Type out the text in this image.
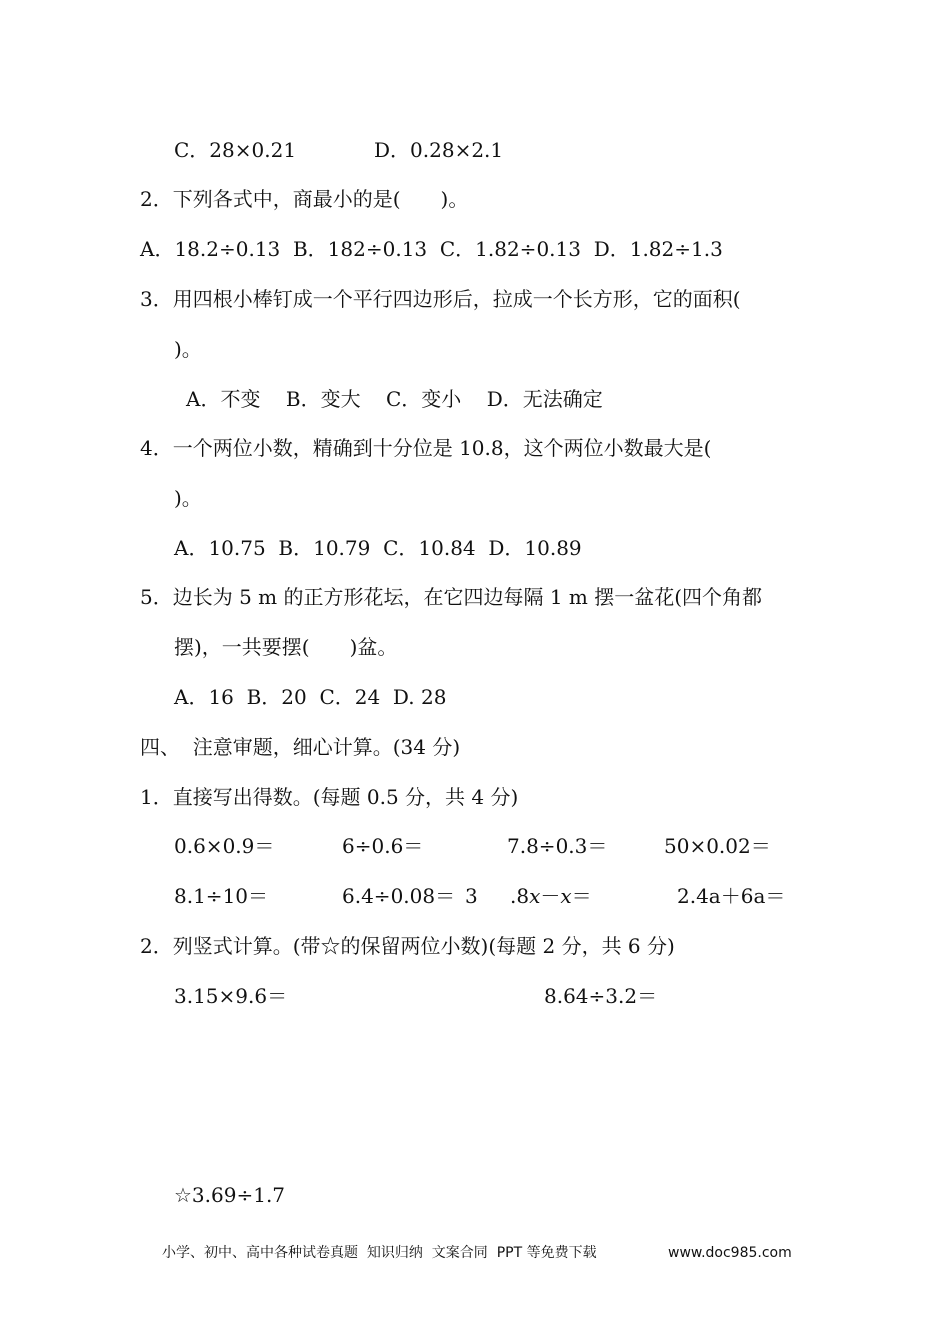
C．28×0.21	D．0.28×2.1
2．下列各式中，商最小的是(　　)。
A．18.2÷0.13  B．182÷0.13  C．1.82÷0.13  D．1.82÷1.3
3．用四根小棒钉成一个平行四边形后，拉成一个长方形，它的面积(
)。
A．不变    B．变大    C．变小    D．无法确定
4．一个两位小数，精确到十分位是 10.8，这个两位小数最大是(
)。
A．10.75  B．10.79  C．10.84  D．10.89
5．边长为 5 m 的正方形花坛，在它四边每隔 1 m 摆一盆花(四个角都
摆)，一共要摆(　　)盆。
A．16  B．20  C．24  D. 28
四、  注意审题，细心计算。(34 分)
1．直接写出得数。(每题 0.5 分，共 4 分)
0.6×0.9＝	6÷0.6＝	7.8÷0.3＝	50×0.02＝
8.1÷10＝	6.4÷0.08＝ 3 .8x－x＝	2.4a＋6a＝
2．列竖式计算。(带☆的保留两位小数)(每题 2 分，共 6 分)
3.15×9.6＝	8.64÷3.2＝
☆3.69÷1.7
小学、初中、高中各种试卷真题  知识归纳  文案合同  PPT 等免费下载	www.doc985.com
